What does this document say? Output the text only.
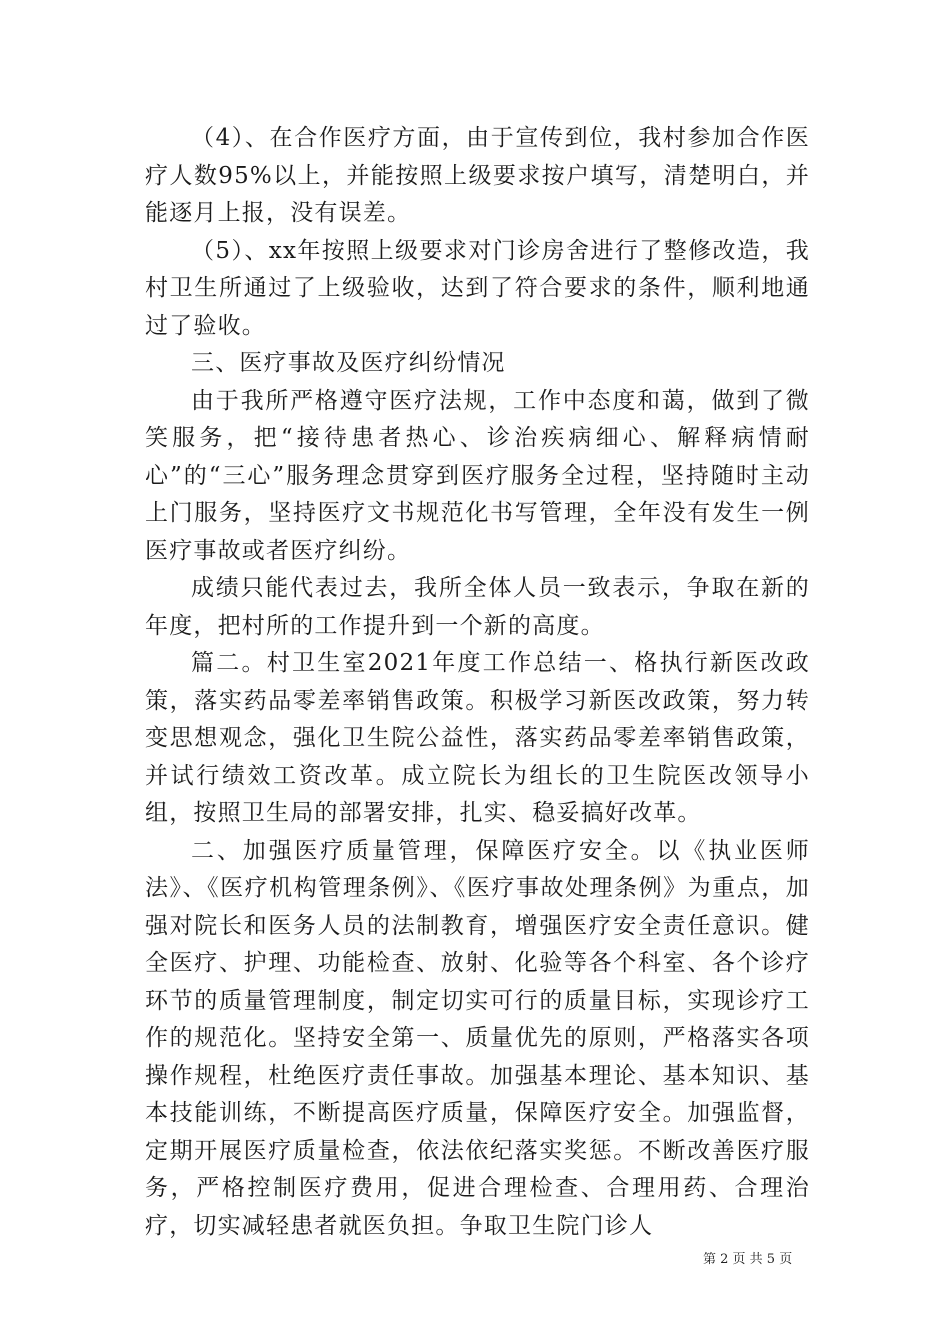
（4）、在合作医疗方面，由于宣传到位，我村参加合作医疗人数95%以上，并能按照上级要求按户填写，清楚明白，并能逐月上报，没有误差。

（5）、xx年按照上级要求对门诊房舍进行了整修改造，我村卫生所通过了上级验收，达到了符合要求的条件，顺利地通过了验收。

三、医疗事故及医疗纠纷情况

由于我所严格遵守医疗法规，工作中态度和蔼，做到了微笑服务，把“接待患者热心、诊治疾病细心、解释病情耐心”的“三心”服务理念贯穿到医疗服务全过程，坚持随时主动上门服务，坚持医疗文书规范化书写管理，全年没有发生一例医疗事故或者医疗纠纷。

成绩只能代表过去，我所全体人员一致表示，争取在新的年度，把村所的工作提升到一个新的高度。

篇二。村卫生室2021年度工作总结一、格执行新医改政策，落实药品零差率销售政策。积极学习新医改政策，努力转变思想观念，强化卫生院公益性，落实药品零差率销售政策，并试行绩效工资改革。成立院长为组长的卫生院医改领导小组，按照卫生局的部署安排，扎实、稳妥搞好改革。

二、加强医疗质量管理，保障医疗安全。以《执业医师法》、《医疗机构管理条例》、《医疗事故处理条例》为重点，加强对院长和医务人员的法制教育，增强医疗安全责任意识。健全医疗、护理、功能检查、放射、化验等各个科室、各个诊疗环节的质量管理制度，制定切实可行的质量目标，实现诊疗工作的规范化。坚持安全第一、质量优先的原则，严格落实各项操作规程，杜绝医疗责任事故。加强基本理论、基本知识、基本技能训练，不断提高医疗质量，保障医疗安全。加强监督，定期开展医疗质量检查，依法依纪落实奖惩。不断改善医疗服务，严格控制医疗费用，促进合理检查、合理用药、合理治疗，切实减轻患者就医负担。争取卫生院门诊人

第 2 页 共 5 页
